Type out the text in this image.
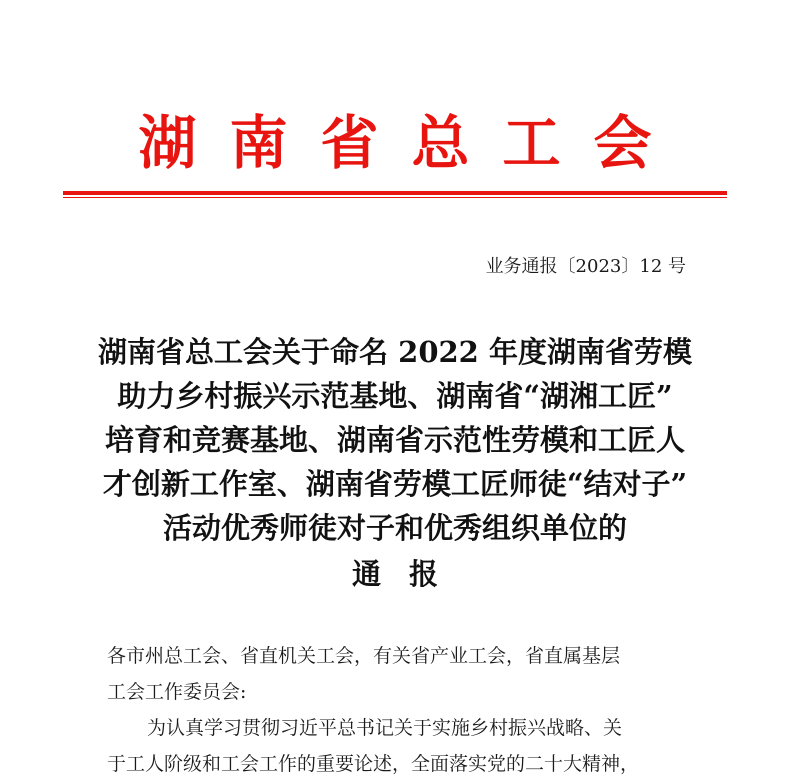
湖南省总工会
业务通报〔2023〕12 号
湖南省总工会关于命名 2022 年度湖南省劳模
助力乡村振兴示范基地、湖南省“湖湘工匠”
培育和竞赛基地、湖南省示范性劳模和工匠人
才创新工作室、湖南省劳模工匠师徒“结对子”
活动优秀师徒对子和优秀组织单位的
通报

各市州总工会、省直机关工会，有关省产业工会，省直属基层

工会工作委员会:

为认真学习贯彻习近平总书记关于实施乡村振兴战略、关

于工人阶级和工会工作的重要论述，全面落实党的二十大精神，
